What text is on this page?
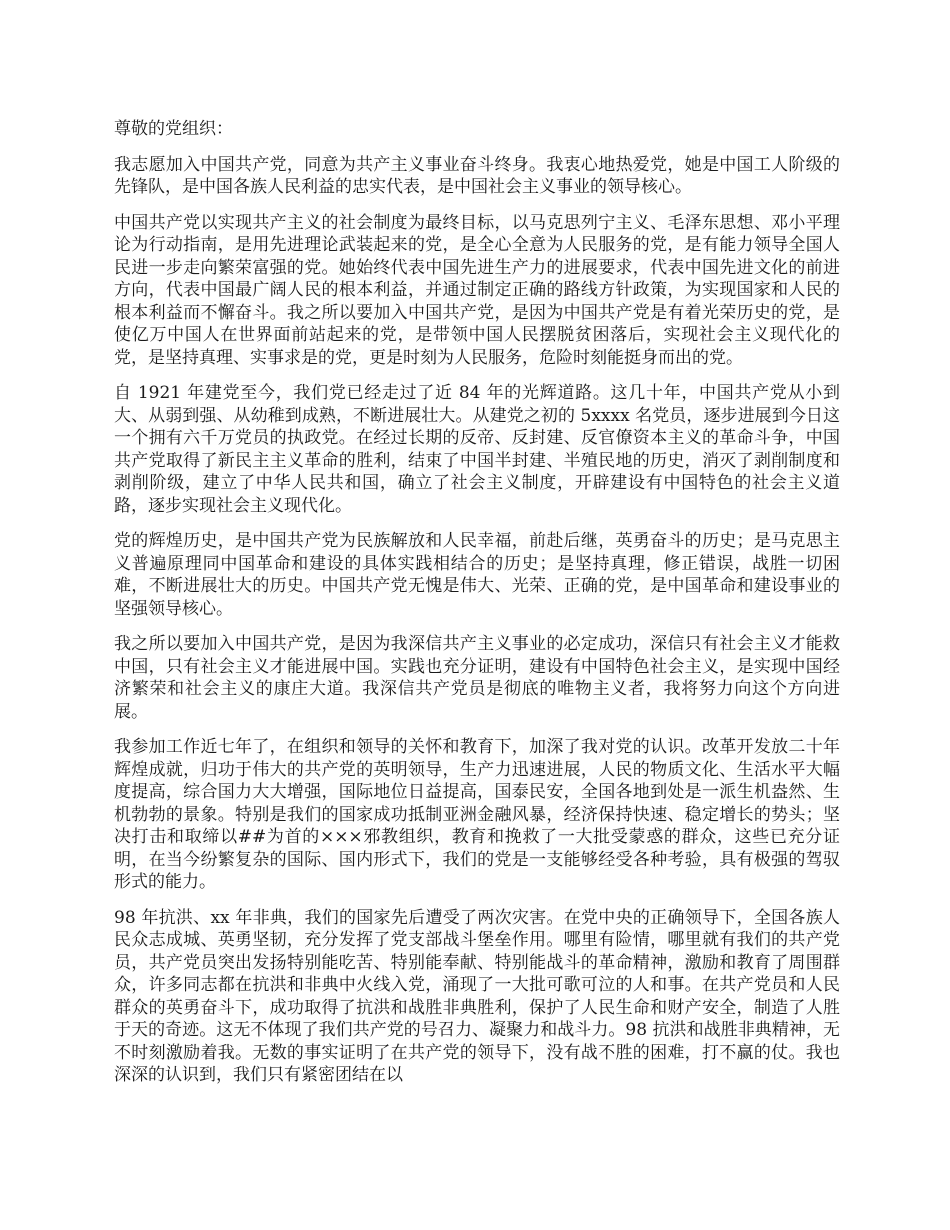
尊敬的党组织：

我志愿加入中国共产党，同意为共产主义事业奋斗终身。我衷心地热爱党，她是中国工人阶级的先锋队，是中国各族人民利益的忠实代表，是中国社会主义事业的领导核心。

中国共产党以实现共产主义的社会制度为最终目标，以马克思列宁主义、毛泽东思想、邓小平理论为行动指南，是用先进理论武装起来的党，是全心全意为人民服务的党，是有能力领导全国人民进一步走向繁荣富强的党。她始终代表中国先进生产力的进展要求，代表中国先进文化的前进方向，代表中国最广阔人民的根本利益，并通过制定正确的路线方针政策，为实现国家和人民的根本利益而不懈奋斗。我之所以要加入中国共产党，是因为中国共产党是有着光荣历史的党，是使亿万中国人在世界面前站起来的党，是带领中国人民摆脱贫困落后，实现社会主义现代化的党，是坚持真理、实事求是的党，更是时刻为人民服务，危险时刻能挺身而出的党。

自 1921 年建党至今，我们党已经走过了近 84 年的光辉道路。这几十年，中国共产党从小到大、从弱到强、从幼稚到成熟，不断进展壮大。从建党之初的 5xxxx 名党员，逐步进展到今日这一个拥有六千万党员的执政党。在经过长期的反帝、反封建、反官僚资本主义的革命斗争，中国共产党取得了新民主主义革命的胜利，结束了中国半封建、半殖民地的历史，消灭了剥削制度和剥削阶级，建立了中华人民共和国，确立了社会主义制度，开辟建设有中国特色的社会主义道路，逐步实现社会主义现代化。

党的辉煌历史，是中国共产党为民族解放和人民幸福，前赴后继，英勇奋斗的历史；是马克思主义普遍原理同中国革命和建设的具体实践相结合的历史；是坚持真理，修正错误，战胜一切困难，不断进展壮大的历史。中国共产党无愧是伟大、光荣、正确的党，是中国革命和建设事业的坚强领导核心。

我之所以要加入中国共产党，是因为我深信共产主义事业的必定成功，深信只有社会主义才能救中国，只有社会主义才能进展中国。实践也充分证明，建设有中国特色社会主义，是实现中国经济繁荣和社会主义的康庄大道。我深信共产党员是彻底的唯物主义者，我将努力向这个方向进展。

我参加工作近七年了，在组织和领导的关怀和教育下，加深了我对党的认识。改革开发放二十年辉煌成就，归功于伟大的共产党的英明领导，生产力迅速进展，人民的物质文化、生活水平大幅度提高，综合国力大大增强，国际地位日益提高，国泰民安，全国各地到处是一派生机盎然、生机勃勃的景象。特别是我们的国家成功抵制亚洲金融风暴，经济保持快速、稳定增长的势头；坚决打击和取缔以##为首的×××邪教组织，教育和挽救了一大批受蒙惑的群众，这些已充分证明，在当今纷繁复杂的国际、国内形式下，我们的党是一支能够经受各种考验，具有极强的驾驭形式的能力。

98 年抗洪、xx 年非典，我们的国家先后遭受了两次灾害。在党中央的正确领导下，全国各族人民众志成城、英勇坚韧，充分发挥了党支部战斗堡垒作用。哪里有险情，哪里就有我们的共产党员，共产党员突出发扬特别能吃苦、特别能奉献、特别能战斗的革命精神，激励和教育了周围群众，许多同志都在抗洪和非典中火线入党，涌现了一大批可歌可泣的人和事。在共产党员和人民群众的英勇奋斗下，成功取得了抗洪和战胜非典胜利，保护了人民生命和财产安全，制造了人胜于天的奇迹。这无不体现了我们共产党的号召力、凝聚力和战斗力。98 抗洪和战胜非典精神，无不时刻激励着我。无数的事实证明了在共产党的领导下，没有战不胜的困难，打不赢的仗。我也深深的认识到，我们只有紧密团结在以
